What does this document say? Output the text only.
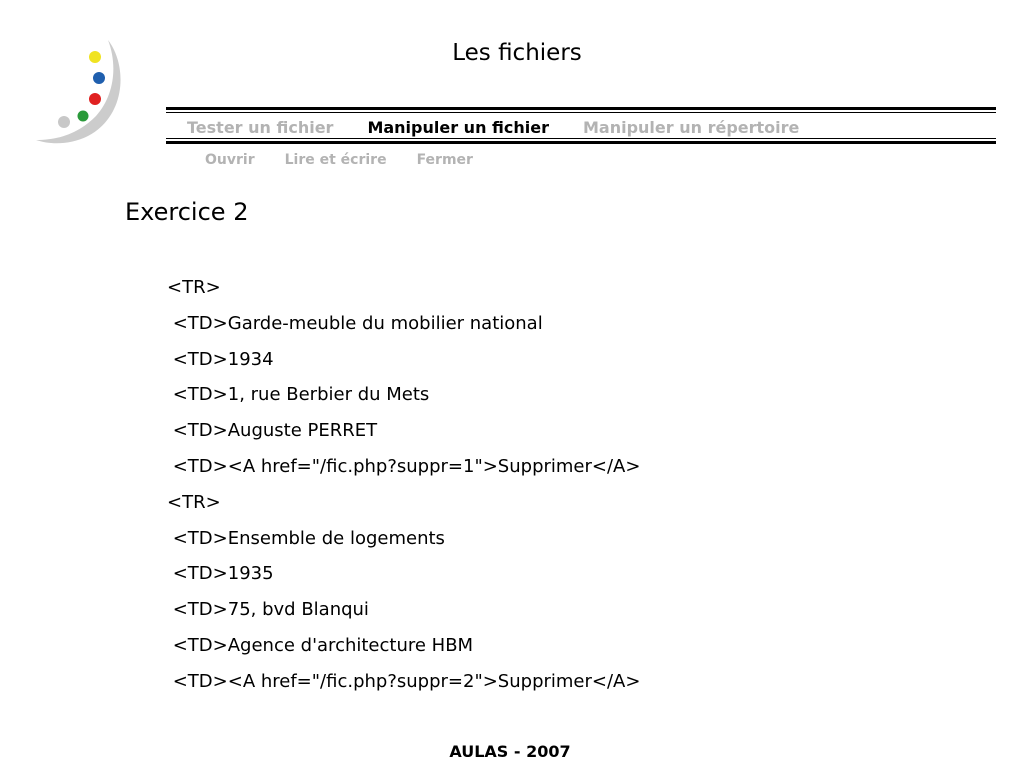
Les fichiers
Tester un fichier Manipuler un fichier Manipuler un répertoire
Ouvrir Lire et écrire Fermer
Exercice 2
<TR>
<TD>Garde-meuble du mobilier national
<TD>1934
<TD>1, rue Berbier du Mets
<TD>Auguste PERRET
<TD><A href="/fic.php?suppr=1">Supprimer</A>
<TR>
<TD>Ensemble de logements
<TD>1935
<TD>75, bvd Blanqui
<TD>Agence d'architecture HBM
<TD><A href="/fic.php?suppr=2">Supprimer</A>
AULAS - 2007
